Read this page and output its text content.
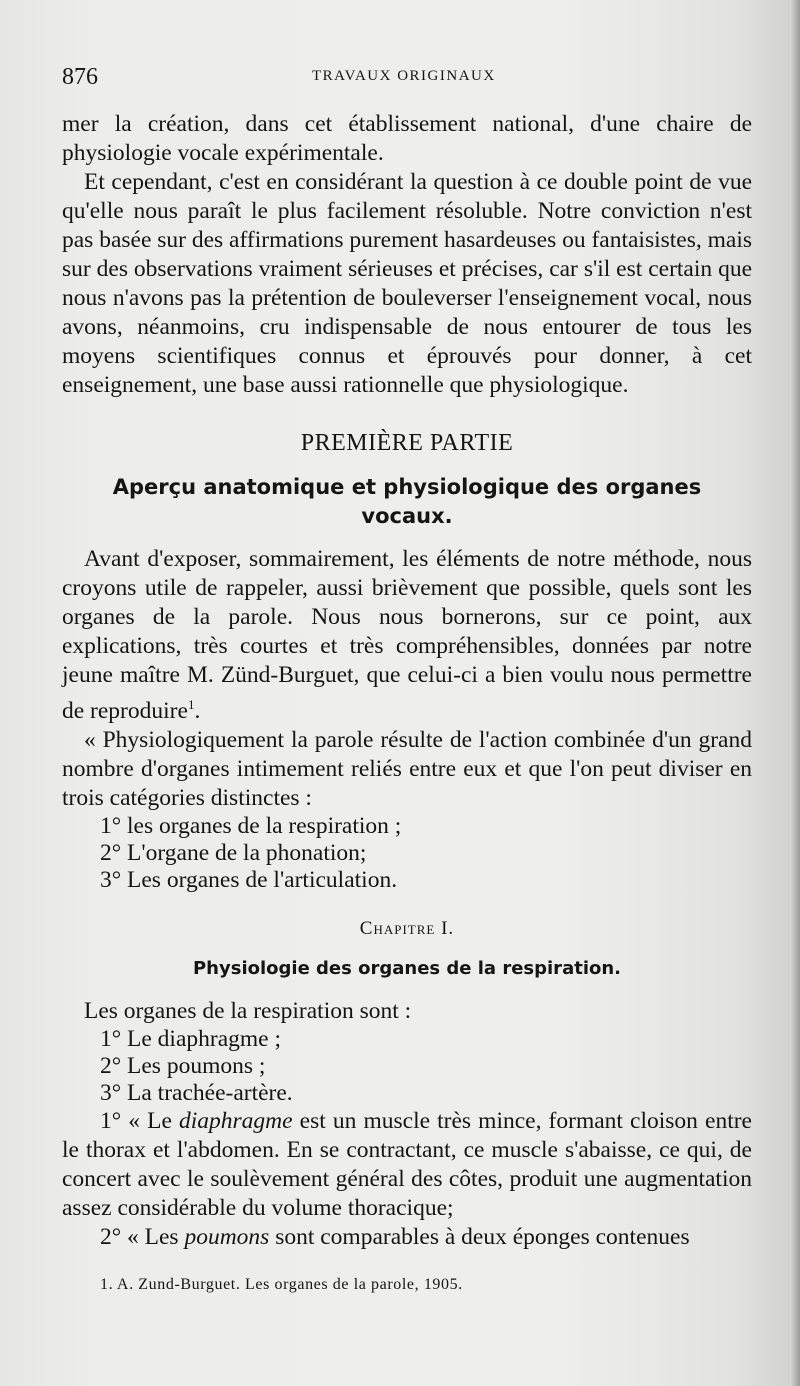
876	TRAVAUX ORIGINAUX

mer la création, dans cet établissement national, d'une chaire de physiologie vocale expérimentale.

Et cependant, c'est en considérant la question à ce double point de vue qu'elle nous paraît le plus facilement résoluble. Notre conviction n'est pas basée sur des affirmations purement hasardeuses ou fantaisistes, mais sur des observations vraiment sérieuses et précises, car s'il est certain que nous n'avons pas la prétention de bouleverser l'enseignement vocal, nous avons, néanmoins, cru indispensable de nous entourer de tous les moyens scientifiques connus et éprouvés pour donner, à cet enseignement, une base aussi rationnelle que physiologique.

PREMIÈRE PARTIE

Aperçu anatomique et physiologique des organes vocaux.

Avant d'exposer, sommairement, les éléments de notre méthode, nous croyons utile de rappeler, aussi brièvement que possible, quels sont les organes de la parole. Nous nous bornerons, sur ce point, aux explications, très courtes et très compréhensibles, données par notre jeune maître M. Zünd-Burguet, que celui-ci a bien voulu nous permettre de reproduire$^1$.

« Physiologiquement la parole résulte de l'action combinée d'un grand nombre d'organes intimement reliés entre eux et que l'on peut diviser en trois catégories distinctes :

1° les organes de la respiration ;

2° L'organe de la phonation;

3° Les organes de l'articulation.

Chapitre I.

Physiologie des organes de la respiration.

Les organes de la respiration sont :

1° Le diaphragme ;

2° Les poumons ;

3° La trachée-artère.

1° « Le diaphragme est un muscle très mince, formant cloison entre le thorax et l'abdomen. En se contractant, ce muscle s'abaisse, ce qui, de concert avec le soulèvement général des côtes, produit une augmentation assez considérable du volume thoracique;

2° « Les poumons sont comparables à deux éponges contenues

1. A. Zund-Burguet. Les organes de la parole, 1905.
